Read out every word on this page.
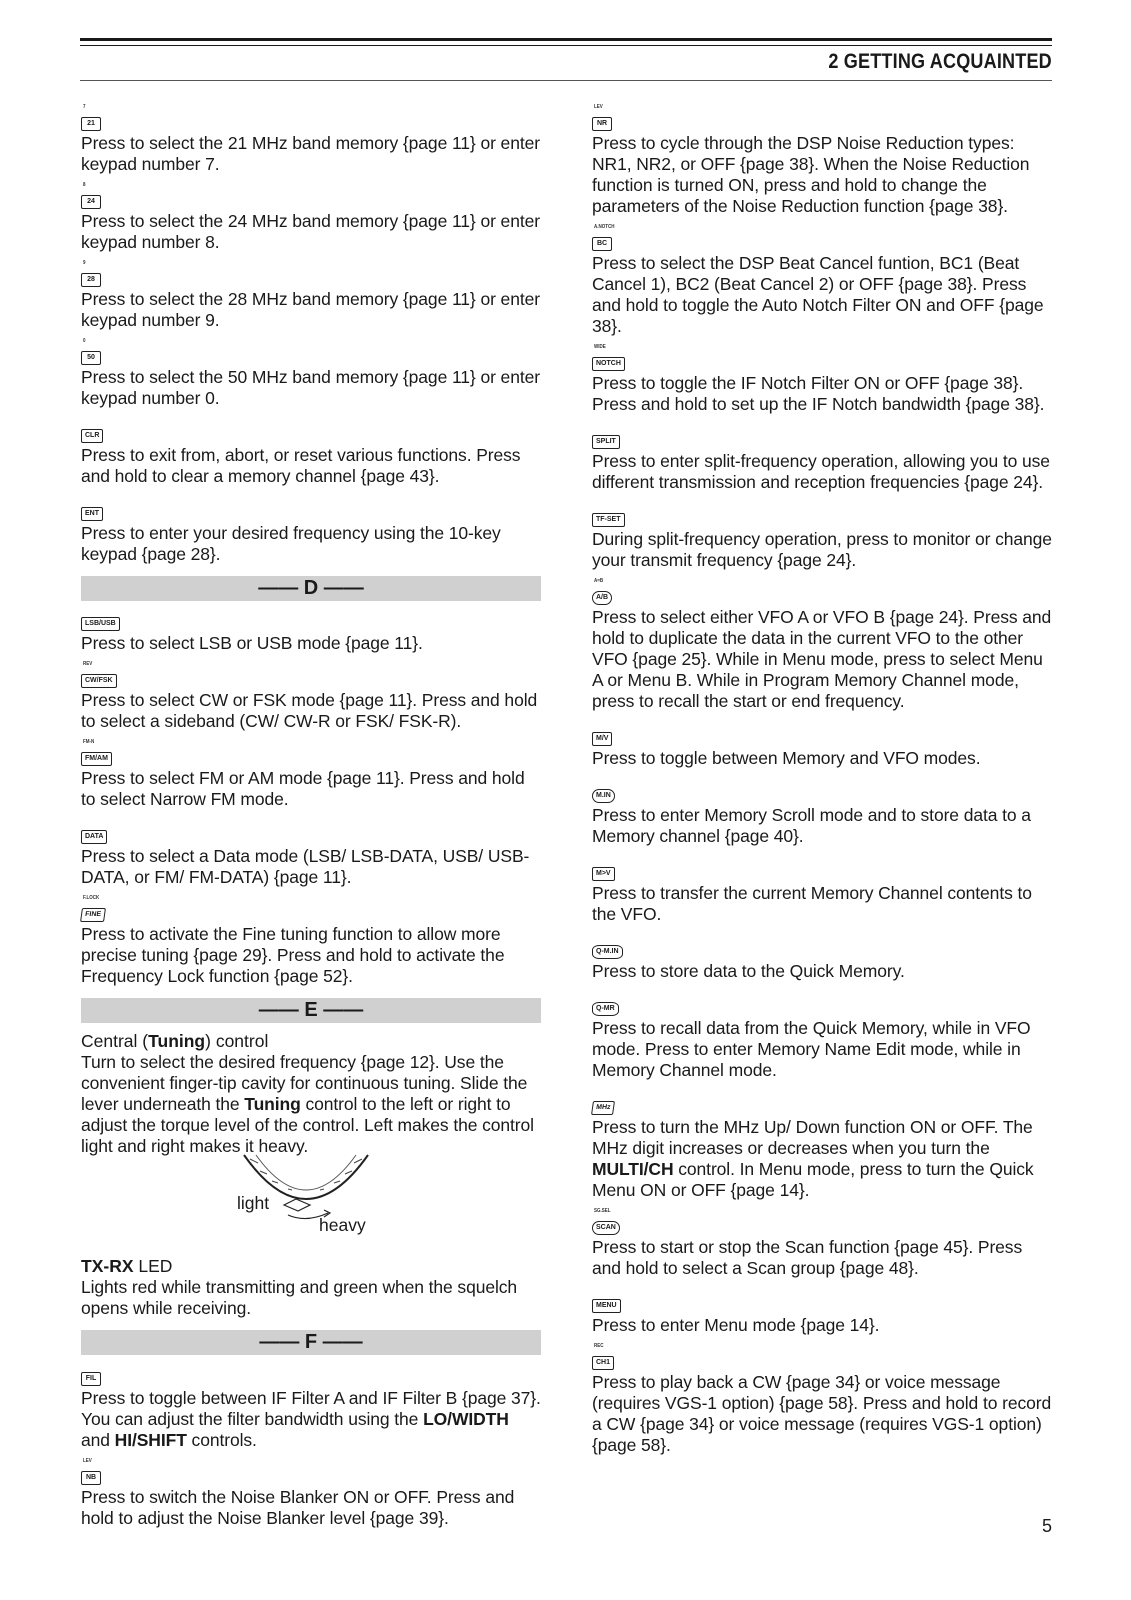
2 GETTING ACQUAINTED
7
21

Press to select the 21 MHz band memory {page 11} or enter keypad number 7.

8
24

Press to select the 24 MHz band memory {page 11} or enter keypad number 8.

9
28

Press to select the 28 MHz band memory {page 11} or enter keypad number 9.

0
50

Press to select the 50 MHz band memory {page 11} or enter keypad number 0.

CLR

Press to exit from, abort, or reset various functions. Press and hold to clear a memory channel {page 43}.

ENT

Press to enter your desired frequency using the 10-key keypad {page 28}.

—— D ——
LSB/USB

Press to select LSB or USB mode {page 11}.

REV
CW/FSK

Press to select CW or FSK mode {page 11}. Press and hold to select a sideband (CW/ CW-R or FSK/ FSK-R).

FM-N
FM/AM

Press to select FM or AM mode {page 11}. Press and hold to select Narrow FM mode.

DATA

Press to select a Data mode (LSB/ LSB-DATA, USB/ USB-DATA, or FM/ FM-DATA) {page 11}.

F.LOCK
FINE

Press to activate the Fine tuning function to allow more precise tuning {page 29}. Press and hold to activate the Frequency Lock function {page 52}.

—— E ——

Central (Tuning) control

Turn to select the desired frequency {page 12}. Use the convenient finger-tip cavity for continuous tuning. Slide the lever underneath the Tuning control to the left or right to adjust the torque level of the control. Left makes the control light and right makes it heavy.

light
heavy

TX-RX LED

Lights red while transmitting and green when the squelch opens while receiving.

—— F ——
FIL

Press to toggle between IF Filter A and IF Filter B {page 37}. You can adjust the filter bandwidth using the LO/WIDTH and HI/SHIFT controls.

LEV
NB

Press to switch the Noise Blanker ON or OFF. Press and hold to adjust the Noise Blanker level {page 39}.

LEV
NR

Press to cycle through the DSP Noise Reduction types: NR1, NR2, or OFF {page 38}. When the Noise Reduction function is turned ON, press and hold to change the parameters of the Noise Reduction function {page 38}.

A.NOTCH
BC

Press to select the DSP Beat Cancel funtion, BC1 (Beat Cancel 1), BC2 (Beat Cancel 2) or OFF {page 38}. Press and hold to toggle the Auto Notch Filter ON and OFF {page 38}.

WIDE
NOTCH

Press to toggle the IF Notch Filter ON or OFF {page 38}. Press and hold to set up the IF Notch bandwidth {page 38}.

SPLIT

Press to enter split-frequency operation, allowing you to use different transmission and reception frequencies {page 24}.

TF-SET

During split-frequency operation, press to monitor or change your transmit frequency {page 24}.

A=B
A/B

Press to select either VFO A or VFO B {page 24}. Press and hold to duplicate the data in the current VFO to the other VFO {page 25}. While in Menu mode, press to select Menu A or Menu B. While in Program Memory Channel mode, press to recall the start or end frequency.

M/V

Press to toggle between Memory and VFO modes.

M.IN

Press to enter Memory Scroll mode and to store data to a Memory channel {page 40}.

M>V

Press to transfer the current Memory Channel contents to the VFO.

Q-M.IN

Press to store data to the Quick Memory.

Q-MR

Press to recall data from the Quick Memory, while in VFO mode. Press to enter Memory Name Edit mode, while in Memory Channel mode.

MHz

Press to turn the MHz Up/ Down function ON or OFF. The MHz digit increases or decreases when you turn the MULTI/CH control. In Menu mode, press to turn the Quick Menu ON or OFF {page 14}.

SG.SEL
SCAN

Press to start or stop the Scan function {page 45}. Press and hold to select a Scan group {page 48}.

MENU

Press to enter Menu mode {page 14}.

REC
CH1

Press to play back a CW {page 34} or voice message (requires VGS-1 option) {page 58}. Press and hold to record a CW {page 34} or voice message (requires VGS-1 option) {page 58}.

5
